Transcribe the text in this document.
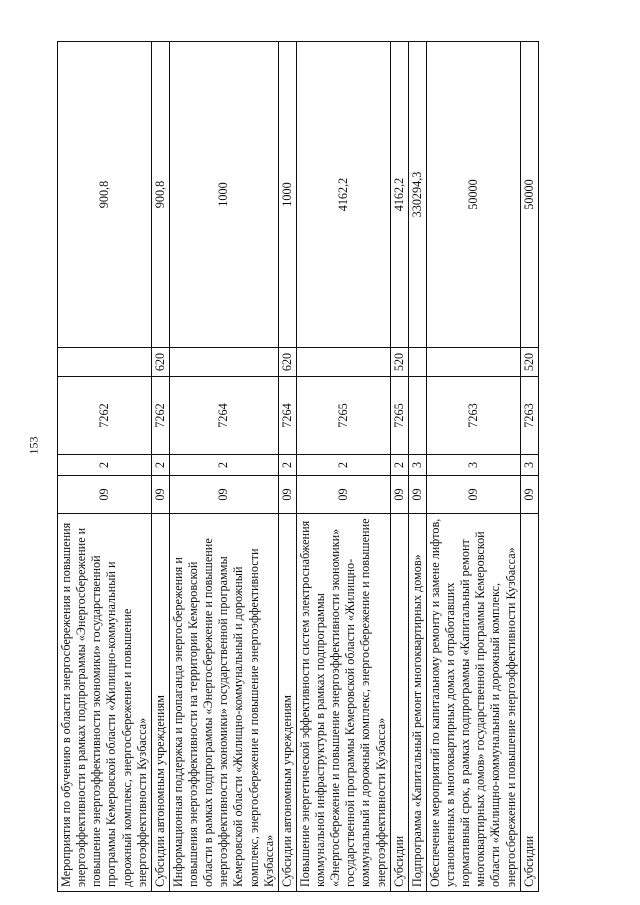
153
Мероприятия по обучению в области энергосбережения и повышения энергоэффективности в рамках подпрограммы «Энергосбережение и повышение энергоэффективности экономики» государственной программы Кемеровской области «Жилищно-коммунальный и дорожный комплекс, энергосбережение и повышение энергоэффективности Кузбасса»	09	2	7262		900,8
Субсидии автономным учреждениям	09	2	7262	620	900,8
Информационная поддержка и пропаганда энергосбережения и повышения энергоэффективности на территории Кемеровской области в рамках подпрограммы «Энергосбережение и повышение энергоэффективности экономики» государственной программы Кемеровской области «Жилищно-коммунальный и дорожный комплекс, энергосбережение и повышение энергоэффективности Кузбасса»	09	2	7264		1000
Субсидии автономным учреждениям	09	2	7264	620	1000
Повышение энергетической эффективности систем электроснабжения коммунальной инфраструктуры в рамках подпрограммы «Энергосбережение и повышение энергоэффективности экономики» государственной программы Кемеровской области «Жилищно-коммунальный и дорожный комплекс, энергосбережение и повышение энергоэффективности Кузбасса»	09	2	7265		4162,2
Субсидии	09	2	7265	520	4162,2
Подпрограмма «Капитальный ремонт многоквартирных домов»	09	3			330294,3
Обеспечение мероприятий по капитальному ремонту и замене лифтов, установленных в многоквартирных домах и отработавших нормативный срок, в рамках подпрограммы «Капитальный ремонт многоквартирных домов» государственной программы Кемеровской области «Жилищно-коммунальный и дорожный комплекс, энергосбережение и повышение энергоэффективности Кузбасса»	09	3	7263		50000
Субсидии	09	3	7263	520	50000
